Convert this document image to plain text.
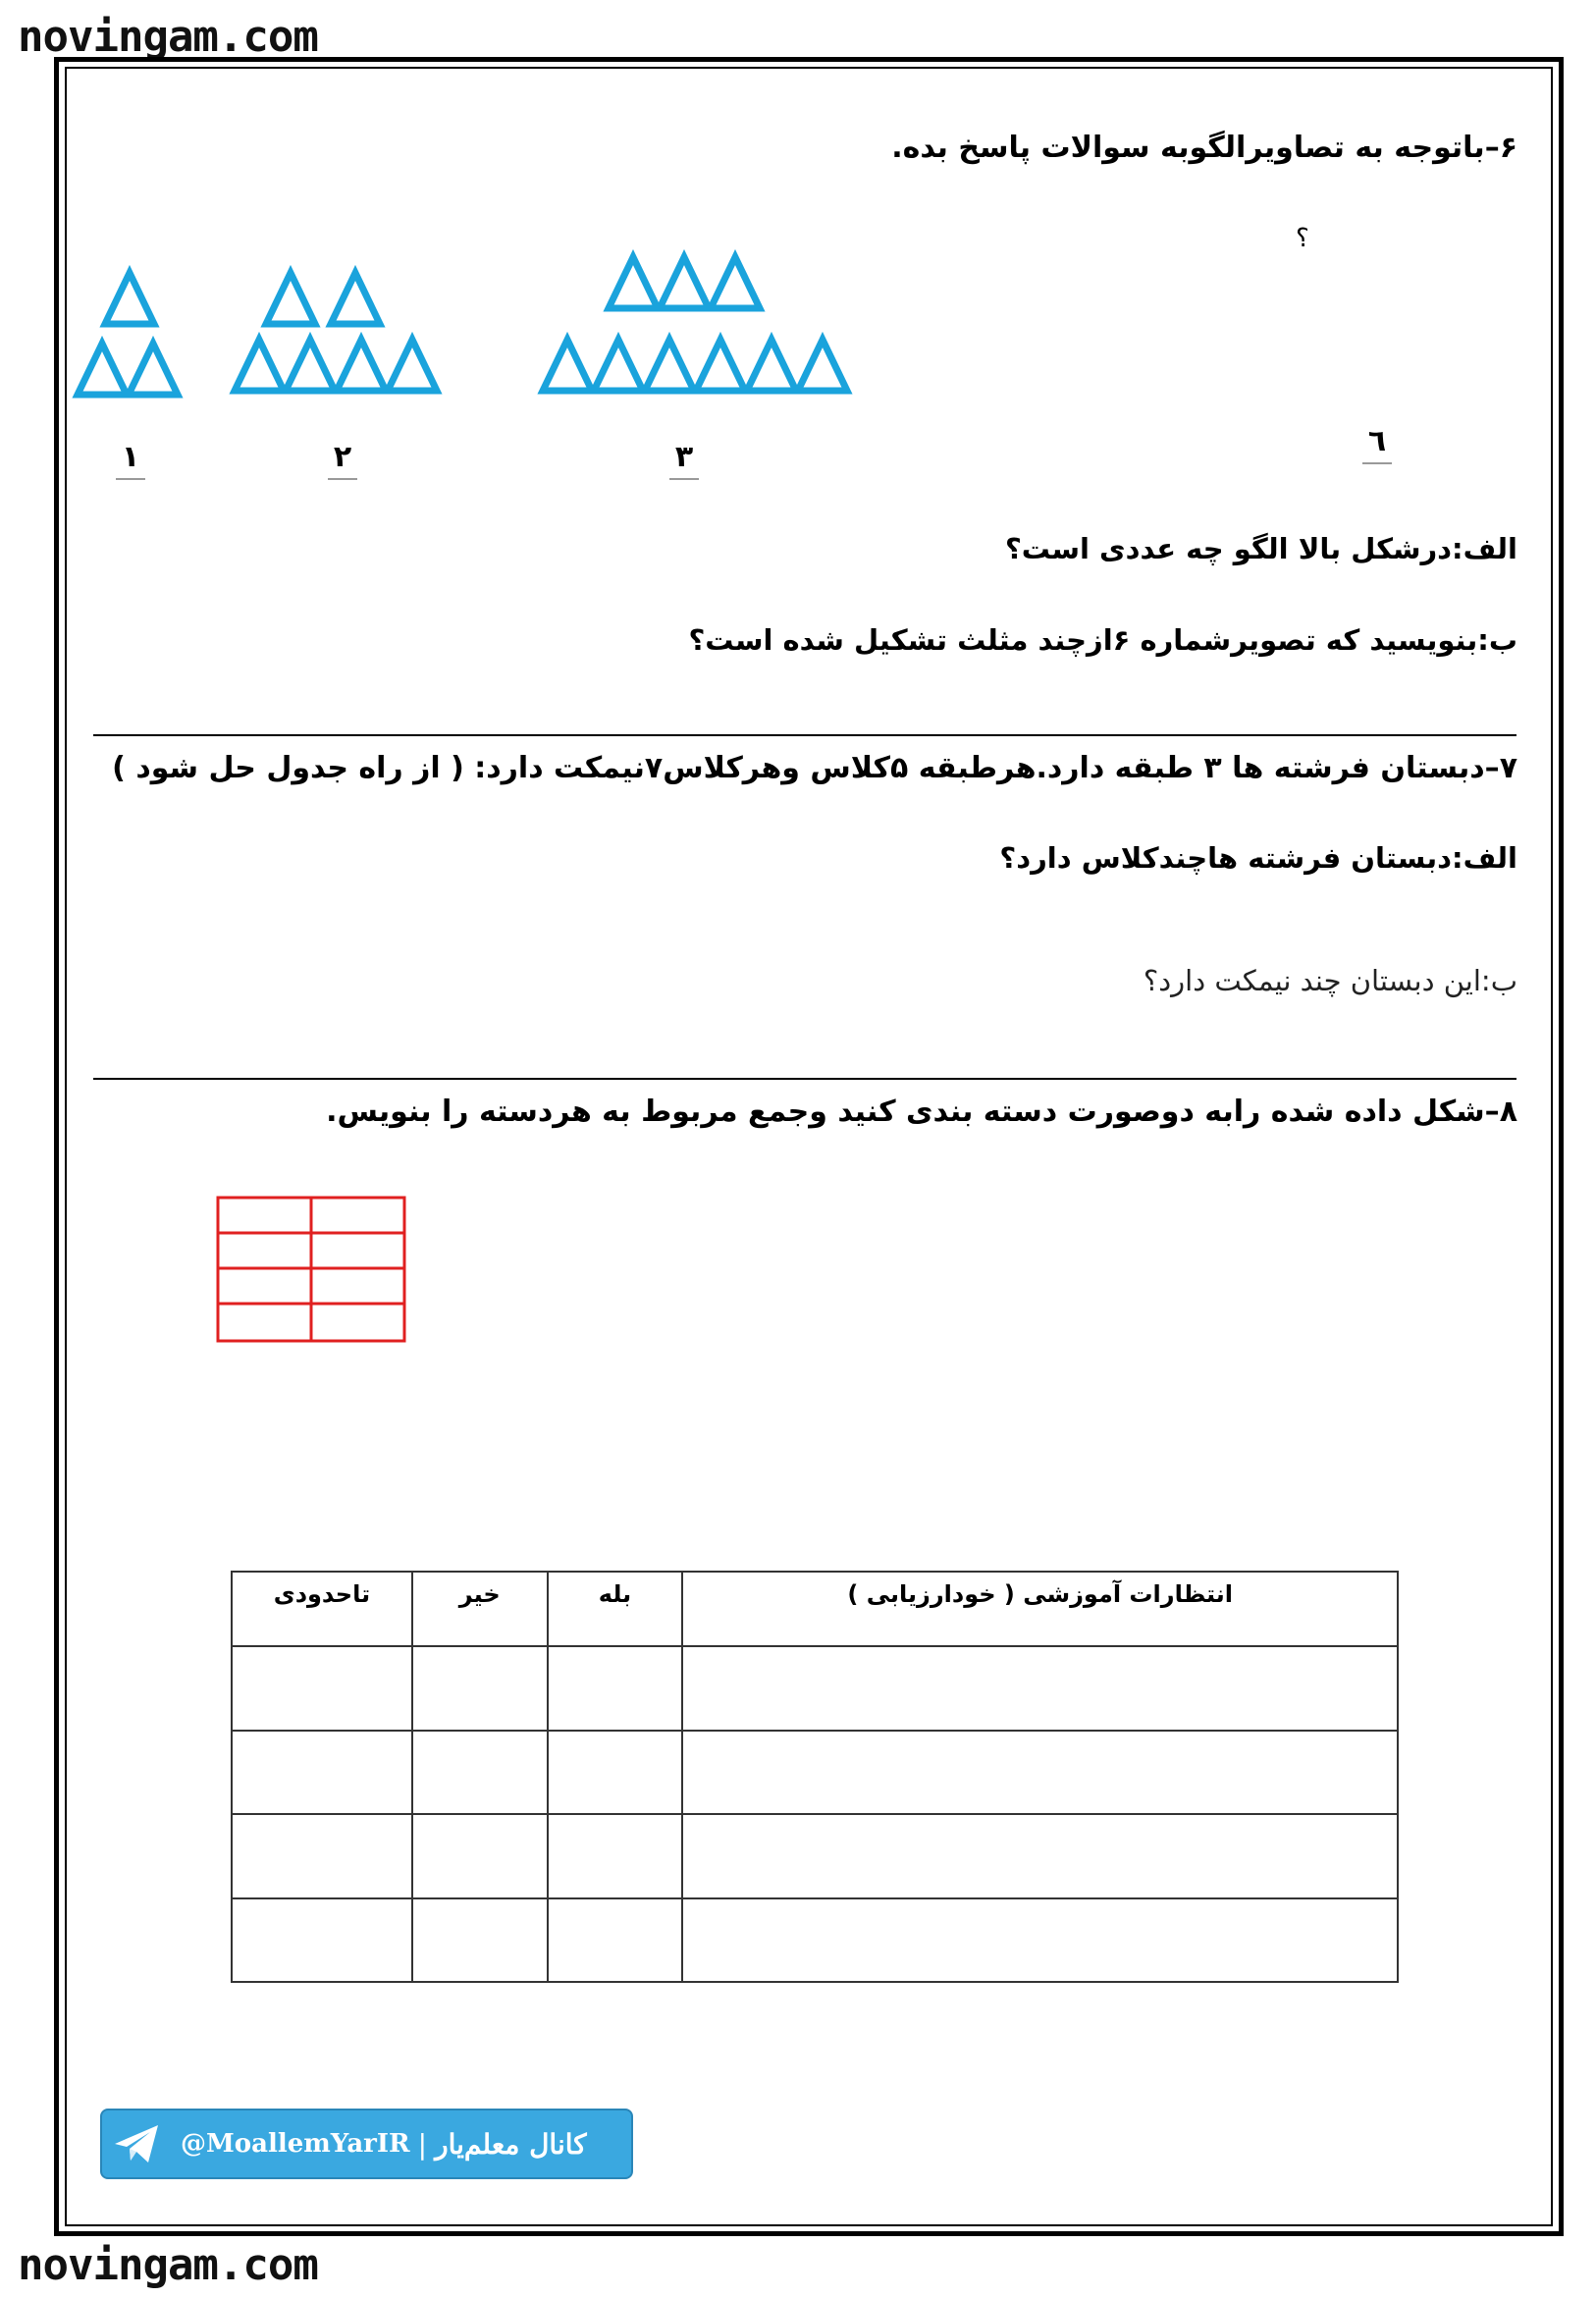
novingam.com
۶–باتوجه به تصاویرالگوبه سوالات پاسخ بده.
؟
۱	۲	۳	٦
الف:درشکل بالا الگو چه عددی است؟
ب:بنویسید که تصویرشماره ۶ازچند مثلث تشکیل شده است؟
۷–دبستان فرشته ها ۳ طبقه دارد.هرطبقه ۵کلاس وهرکلاس۷نیمکت دارد: ( از راه جدول حل شود )
الف:دبستان فرشته هاچندکلاس دارد؟
ب:این دبستان چند نیمکت دارد؟
۸–شکل داده شده رابه دوصورت دسته بندی کنید وجمع مربوط به هردسته را بنویس.
انتظارات آموزشی ( خودارزیابی )	بله	خیر	تاحدودی

@MoallemYarIR | کانال معلم‌یار
novingam.com
